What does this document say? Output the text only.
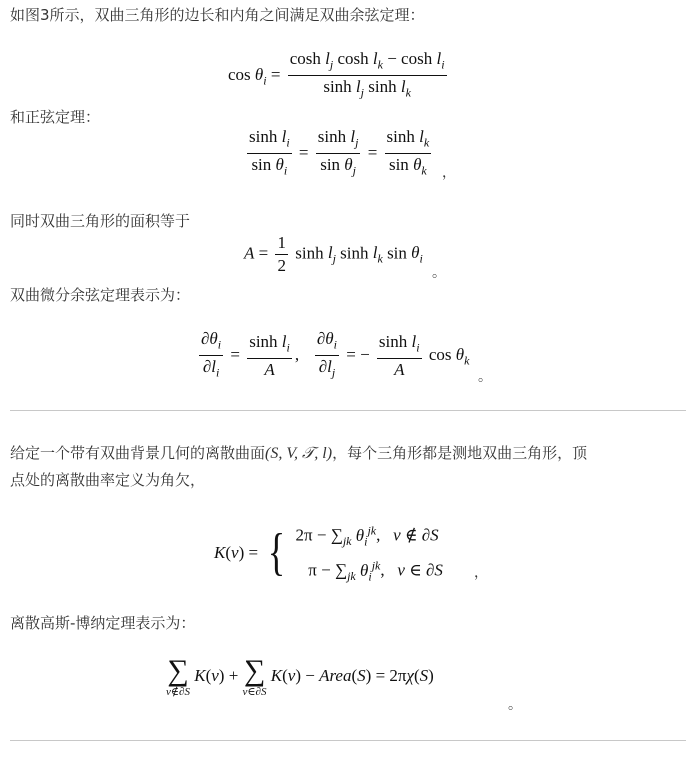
如图3所示，双曲三角形的边长和内角之间满足双曲余弦定理：
$\cos \theta_i = \frac{\cosh l_j \cosh l_k - \cosh l_i}{\sinh l_j \sinh l_k}$
和正弦定理：
$\frac{\sinh l_i}{\sin \theta_i} = \frac{\sinh l_j}{\sin \theta_j} = \frac{\sinh l_k}{\sin \theta_k}$ ，
同时双曲三角形的面积等于
$A = \frac{1}{2}$ $\sinh l_j$ $\sinh l_k$ $\sin \theta_i$
。
双曲微分余弦定理表示为：
$\frac{\partial\theta_i}{\partial l_i} = \frac{\sinh l_i}{A}$ , $\frac{\partial\theta_i}{\partial l_j}$ = − $\frac{\sinh l_i}{A}$ $\cos \theta_k$
。
给定一个带有双曲背景几何的离散曲面(S, V, 𝒯, l)，每个三角形都是测地双曲三角形，顶
点处的离散曲率定义为角欠，
K(v) = { $2\pi - \sum_{jk}$ $\theta_i^{jk}$,   v ∉ ∂S
$\pi - \sum_{jk}$ $\theta_i^{jk}$,   v ∈ ∂S ，
离散高斯-博纳定理表示为：
∑
v∉∂S
K(v) + ∑
v∈∂S
K(v) − Area(S) = 2πχ(S)
。
